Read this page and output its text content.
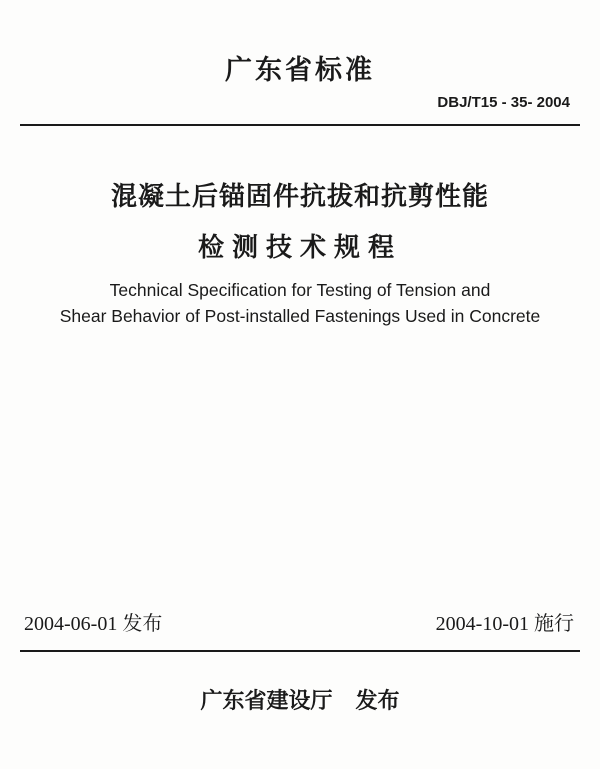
广东省标准
DBJ/T15 - 35- 2004
混凝土后锚固件抗拔和抗剪性能
检测技术规程
Technical Specification for Testing of Tension and
Shear Behavior of Post-installed Fastenings Used in Concrete
2004-06-01 发布	2004-10-01 施行
广东省建设厅   发布
